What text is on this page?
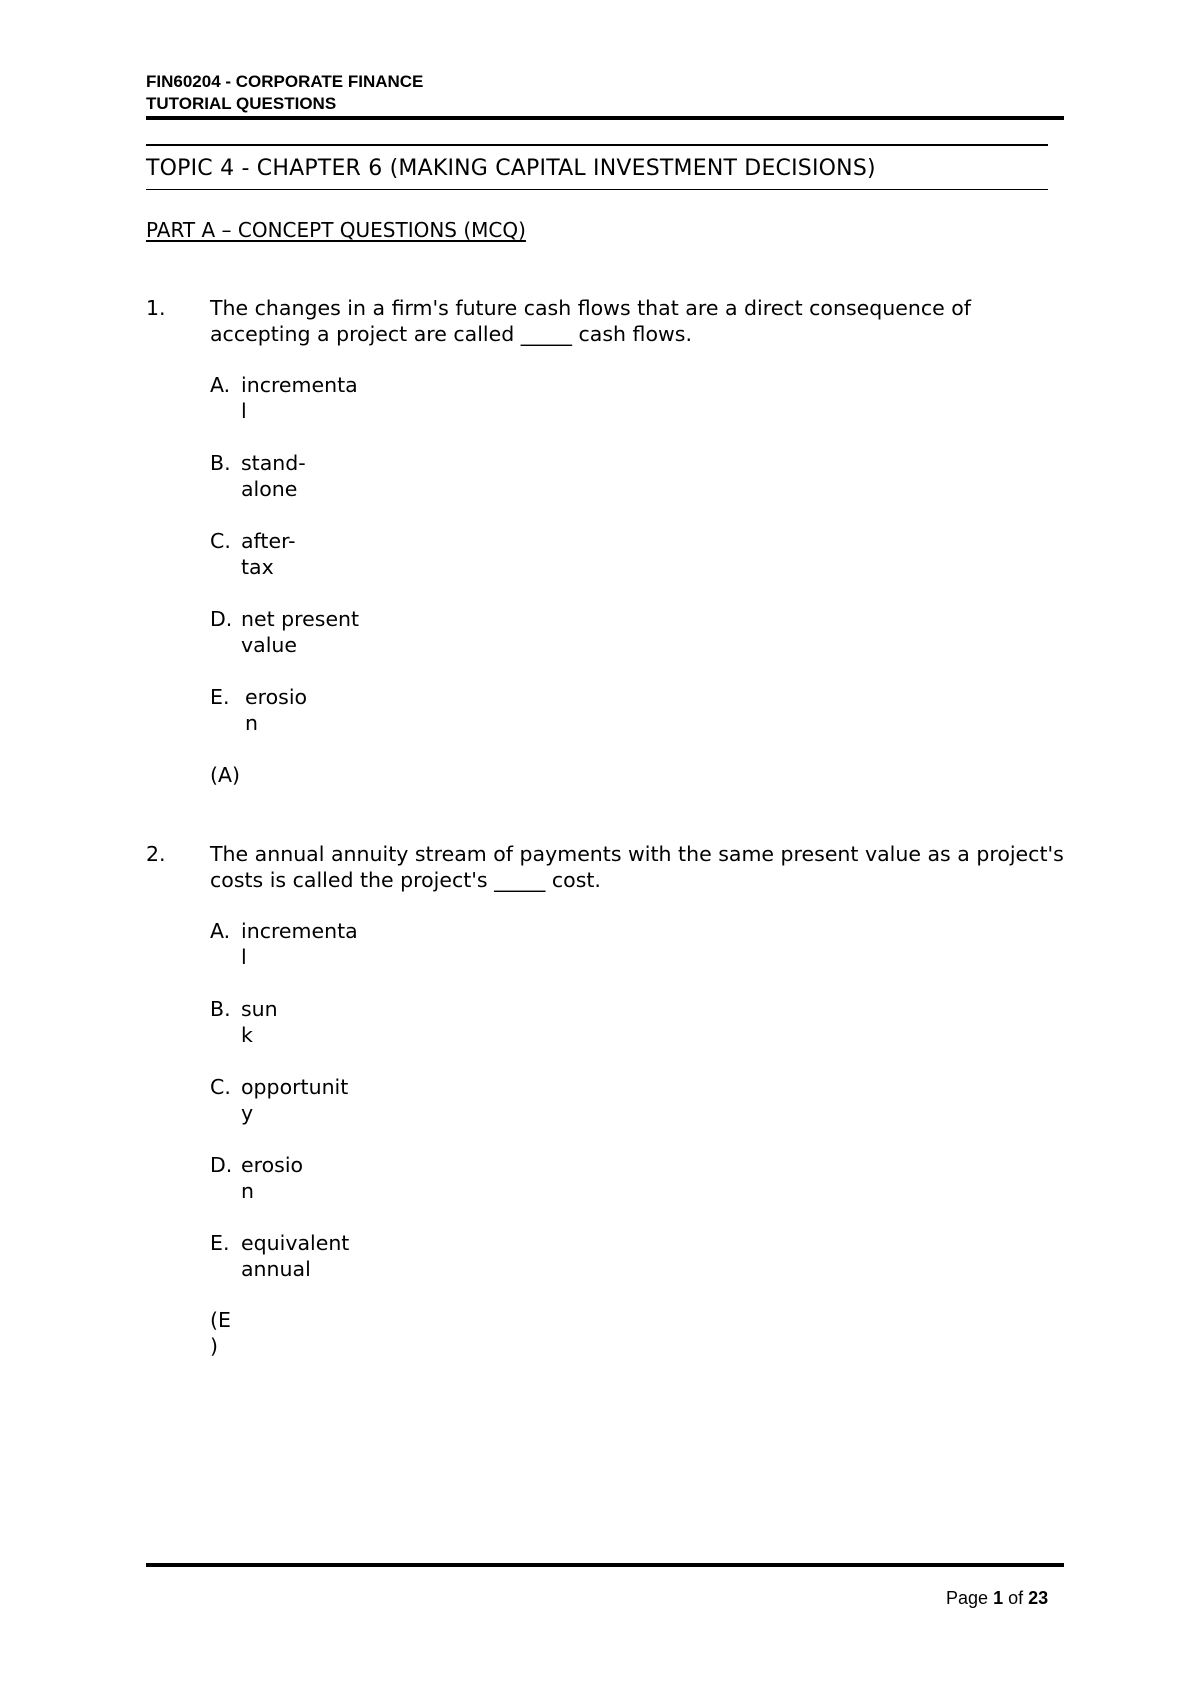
FIN60204 - CORPORATE FINANCE
TUTORIAL QUESTIONS
TOPIC 4 - CHAPTER 6 (MAKING CAPITAL INVESTMENT DECISIONS)
PART A – CONCEPT QUESTIONS (MCQ)
1. The changes in a firm's future cash flows that are a direct consequence of accepting a project are called _____ cash flows.
A. incrementa
l
B. stand-
alone
C. after-
tax
D. net present
value
E. erosio
n
(A)
2. The annual annuity stream of payments with the same present value as a project's costs is called the project's _____ cost.
A. incrementa
l
B. sun
k
C. opportunit
y
D. erosio
n
E. equivalent
annual
(E
)
Page 1 of 23
